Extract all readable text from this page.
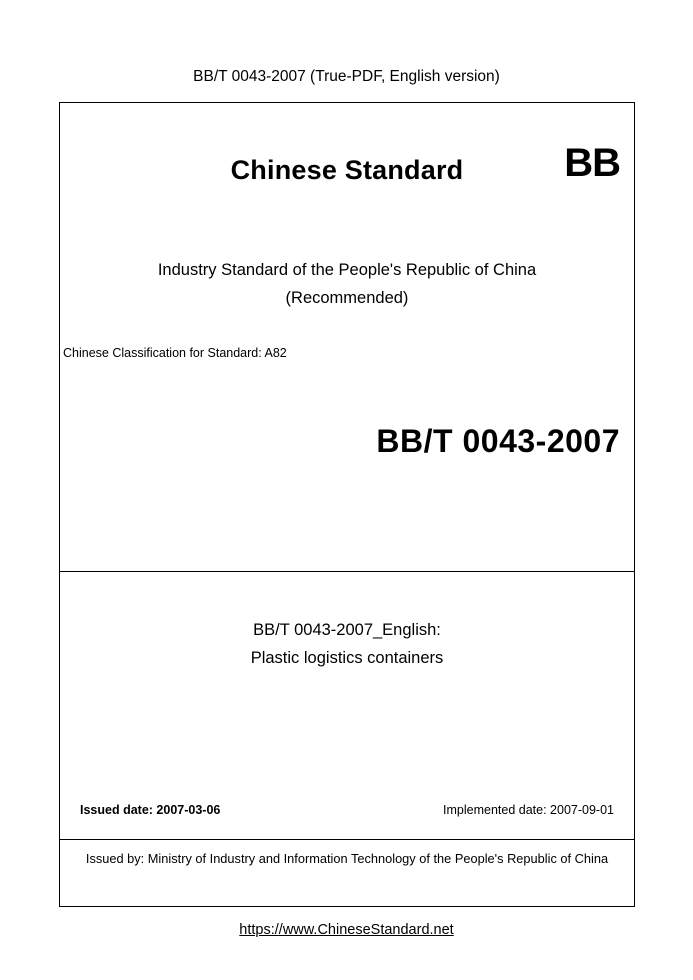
BB/T 0043-2007 (True-PDF, English version)
Chinese Standard	BB
Industry Standard of the People's Republic of China
(Recommended)
Chinese Classification for Standard: A82
BB/T 0043-2007
BB/T 0043-2007_English:
Plastic logistics containers
Issued date: 2007-03-06	Implemented date: 2007-09-01
Issued by: Ministry of Industry and Information Technology of the People's Republic of China
https://www.ChineseStandard.net
